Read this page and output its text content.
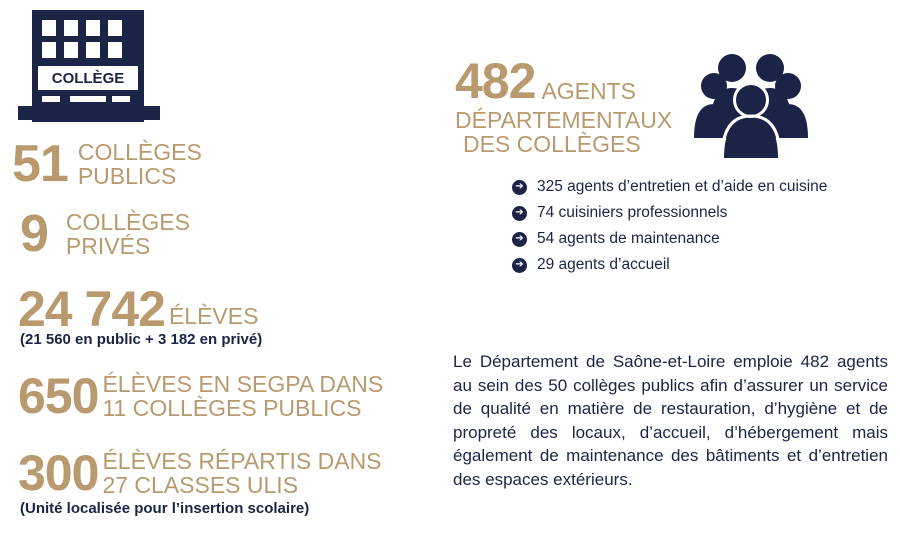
COLLÈGE
51 COLLÈGES
PUBLICS
9 COLLÈGES
PRIVÉS
24 742 ÉLÈVES
(21 560 en public + 3 182 en privé)
650 ÉLÈVES EN SEGPA DANS
11 COLLÈGES PUBLICS
300 ÉLÈVES RÉPARTIS DANS
27 CLASSES ULIS
(Unité localisée pour l’insertion scolaire)
482 AGENTS
DÉPARTEMENTAUX
DES COLLÈGES
➔ 325 agents d’entretien et d’aide en cuisine
➔ 74 cuisiniers professionnels
➔ 54 agents de maintenance
➔ 29 agents d’accueil

Le Département de Saône-et-Loire emploie 482 agents au sein des 50 collèges publics afin d’assurer un service de qualité en matière de restauration, d’hygiène et de propreté des locaux, d’accueil, d’hébergement mais également de maintenance des bâtiments et d’entretien des espaces extérieurs.
